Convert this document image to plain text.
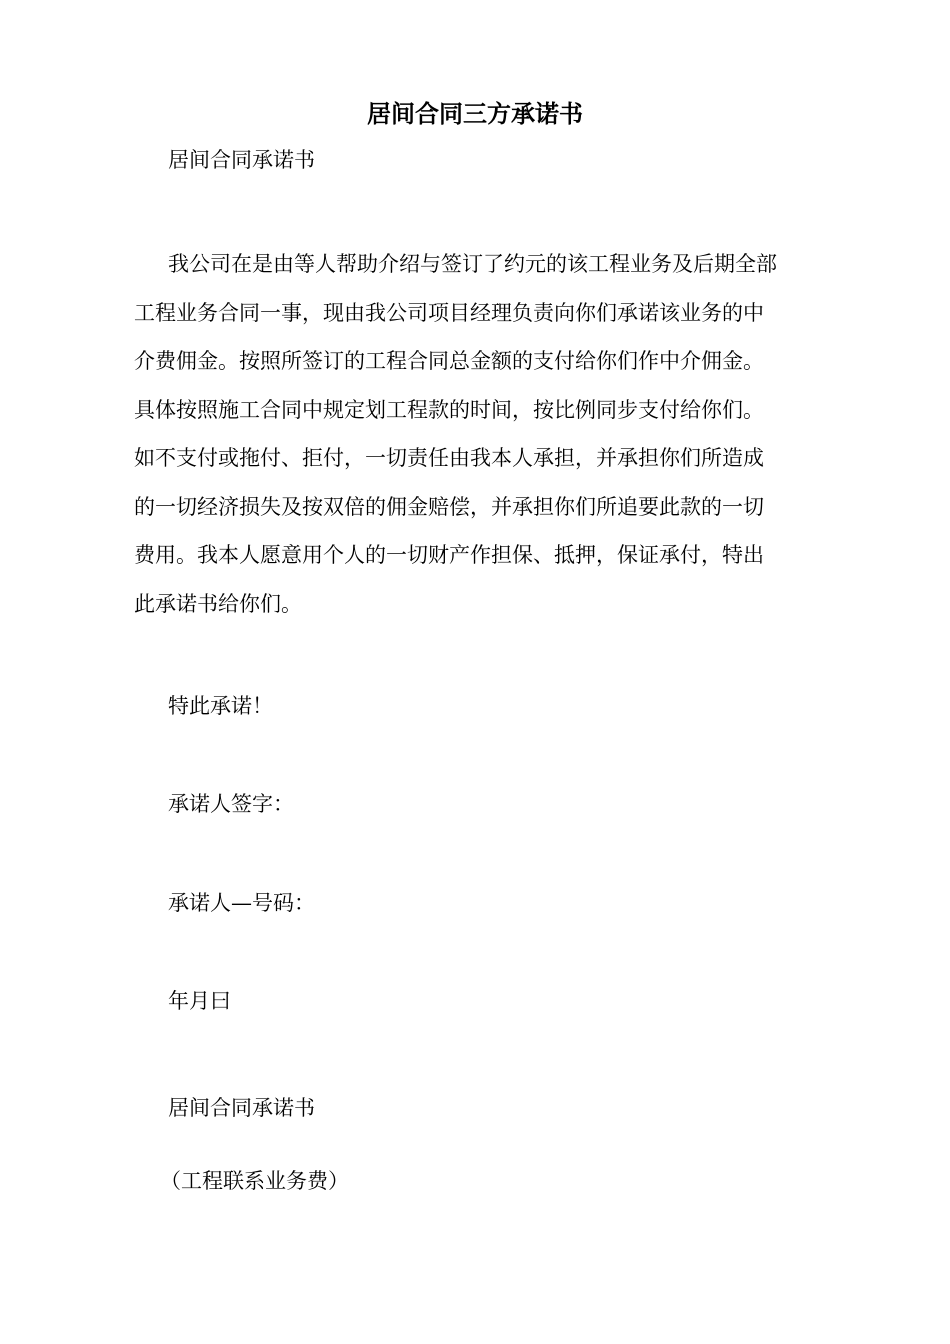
居间合同三方承诺书

居间合同承诺书

我公司在是由等人帮助介绍与签订了约元的该工程业务及后期全部
工程业务合同一事，现由我公司项目经理负责向你们承诺该业务的中
介费佣金。按照所签订的工程合同总金额的支付给你们作中介佣金。
具体按照施工合同中规定划工程款的时间，按比例同步支付给你们。
如不支付或拖付、拒付，一切责任由我本人承担，并承担你们所造成
的一切经济损失及按双倍的佣金赔偿，并承担你们所追要此款的一切
费用。我本人愿意用个人的一切财产作担保、抵押，保证承付，特出
此承诺书给你们。

特此承诺！

承诺人签字：

承诺人—号码：

年月曰

居间合同承诺书

（工程联系业务费）
